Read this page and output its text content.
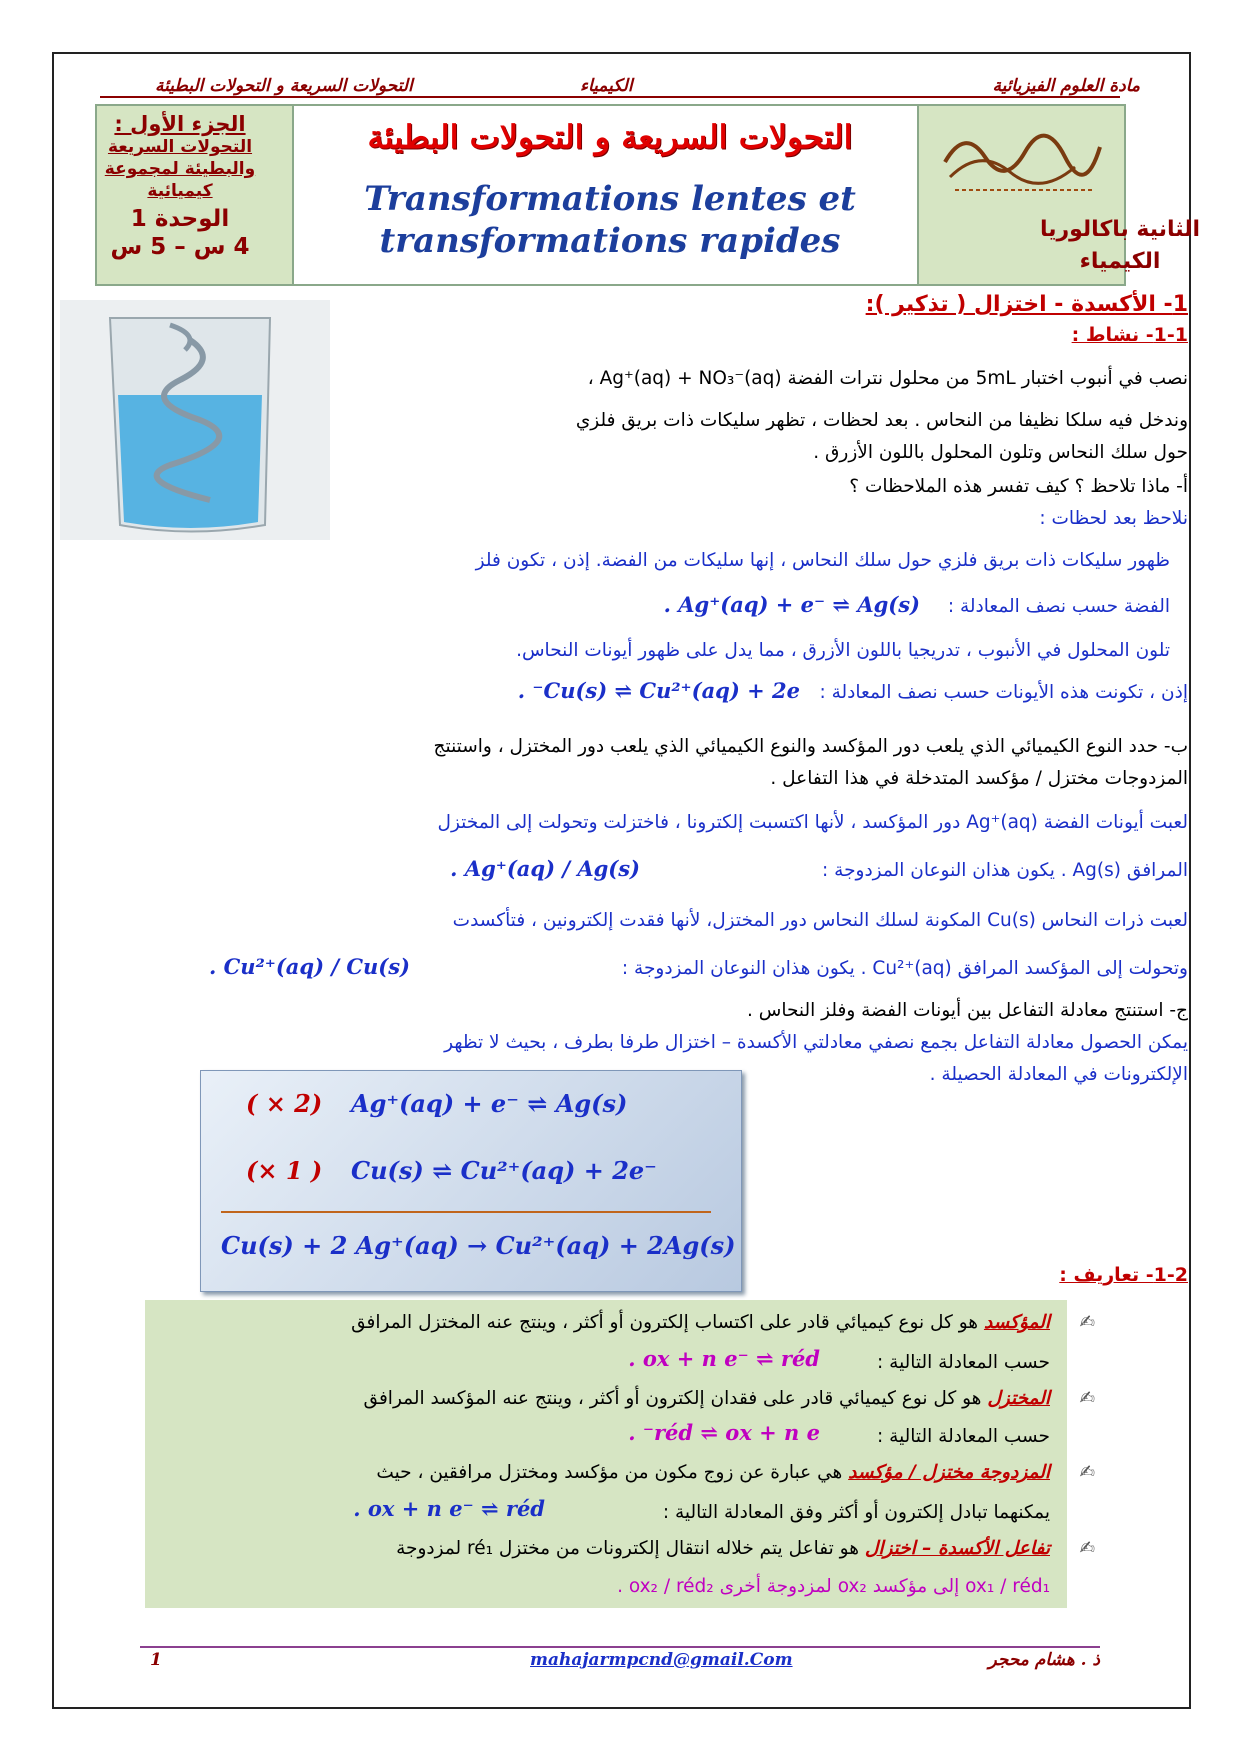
مادة العلوم الفيزيائية
الكيمياء
التحولات السريعة و التحولات البطيئة
الثانية باكالوريا
الكيمياء
التحولات السريعة و التحولات البطيئة
Transformations lentes et transformations rapides
الجزء الأول :
التحولات السريعة والبطيئة لمجموعة كيميائية
الوحدة 1
4 س – 5 س
1- الأكسدة - اختزال ( تذكير ):
1-1- نشاط :
نصب في أنبوب اختبار 5mL من محلول نترات الفضة Ag⁺(aq) + NO₃⁻(aq) ،
وندخل فيه سلكا نظيفا من النحاس . بعد لحظات ، تظهر سليكات ذات بريق فلزي
حول سلك النحاس وتلون المحلول باللون الأزرق .
أ- ماذا تلاحظ ؟ كيف تفسر هذه الملاحظات ؟
نلاحظ بعد لحظات :
ظهور سليكات ذات بريق فلزي حول سلك النحاس ، إنها سليكات من الفضة. إذن ، تكون فلز
الفضة حسب نصف المعادلة :
Ag⁺(aq) + e⁻ ⇌ Ag(s) .
تلون المحلول في الأنبوب ، تدريجيا باللون الأزرق ، مما يدل على ظهور أيونات النحاس.
إذن ، تكونت هذه الأيونات حسب نصف المعادلة :
Cu(s) ⇌ Cu²⁺(aq) + 2e⁻ .
ب- حدد النوع الكيميائي الذي يلعب دور المؤكسد والنوع الكيميائي الذي يلعب دور المختزل ، واستنتج
المزدوجات مختزل / مؤكسد المتدخلة في هذا التفاعل .
لعبت أيونات الفضة Ag⁺(aq) دور المؤكسد ، لأنها اكتسبت إلكترونا ، فاختزلت وتحولت إلى المختزل
المرافق Ag(s) . يكون هذان النوعان المزدوجة :
Ag⁺(aq) / Ag(s) .
لعبت ذرات النحاس Cu(s) المكونة لسلك النحاس دور المختزل، لأنها فقدت إلكترونين ، فتأكسدت
وتحولت إلى المؤكسد المرافق Cu²⁺(aq) . يكون هذان النوعان المزدوجة :
Cu²⁺(aq) / Cu(s) .
ج- استنتج معادلة التفاعل بين أيونات الفضة وفلز النحاس .
يمكن الحصول معادلة التفاعل بجمع نصفي معادلتي الأكسدة – اختزال طرفا بطرف ، بحيث لا تظهر
الإلكترونات في المعادلة الحصيلة .
( × 2) Ag⁺(aq) + e⁻ ⇌ Ag(s)
(× 1 ) Cu(s) ⇌ Cu²⁺(aq) + 2e⁻
Cu(s) + 2 Ag⁺(aq) → Cu²⁺(aq) + 2Ag(s)
1-2- تعاريف :
المؤكسد هو كل نوع كيميائي قادر على اكتساب إلكترون أو أكثر ، وينتج عنه المختزل المرافق	✍
حسب المعادلة التالية :
ox + n e⁻ ⇌ réd .
المختزل هو كل نوع كيميائي قادر على فقدان إلكترون أو أكثر ، وينتج عنه المؤكسد المرافق	✍
حسب المعادلة التالية :
réd ⇌ ox + n e⁻ .
المزدوجة مختزل / مؤكسد هي عبارة عن زوج مكون من مؤكسد ومختزل مرافقين ، حيث	✍
يمكنهما تبادل إلكترون أو أكثر وفق المعادلة التالية :
ox + n e⁻ ⇌ réd .
تفاعل الأكسدة – اختزال هو تفاعل يتم خلاله انتقال إلكترونات من مختزل ré₁ لمزدوجة	✍
ox₁ / réd₁ إلى مؤكسد ox₂ لمزدوجة أخرى ox₂ / réd₂ .
1	mahajarmpcnd@gmail.Com	ذ . هشام محجر
